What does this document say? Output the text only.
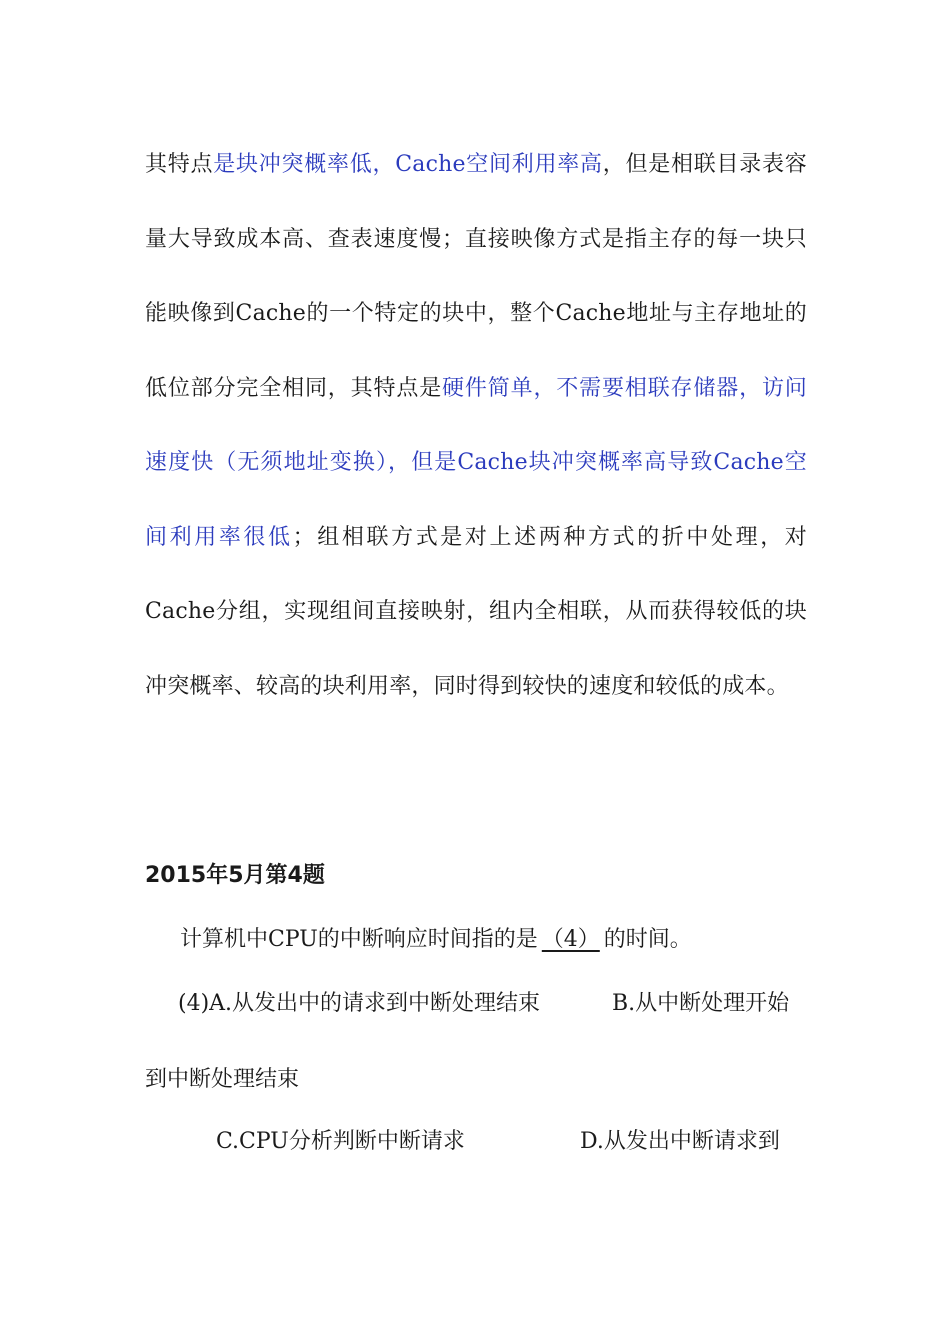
其特点是块冲突概率低，Cache空间利用率高，但是相联目录表容量大导致成本高、查表速度慢；直接映像方式是指主存的每一块只能映像到Cache的一个特定的块中，整个Cache地址与主存地址的低位部分完全相同，其特点是硬件简单，不需要相联存储器，访问速度快（无须地址变换），但是Cache块冲突概率高导致Cache空间利用率很低；组相联方式是对上述两种方式的折中处理，对Cache分组，实现组间直接映射，组内全相联，从而获得较低的块冲突概率、较高的块利用率，同时得到较快的速度和较低的成本。

2015年5月第4题

计算机中CPU的中断响应时间指的是 （4） 的时间。

(4)A.从发出中的请求到中断处理结束	B.从中断处理开始

到中断处理结束

C.CPU分析判断中断请求	D.从发出中断请求到
